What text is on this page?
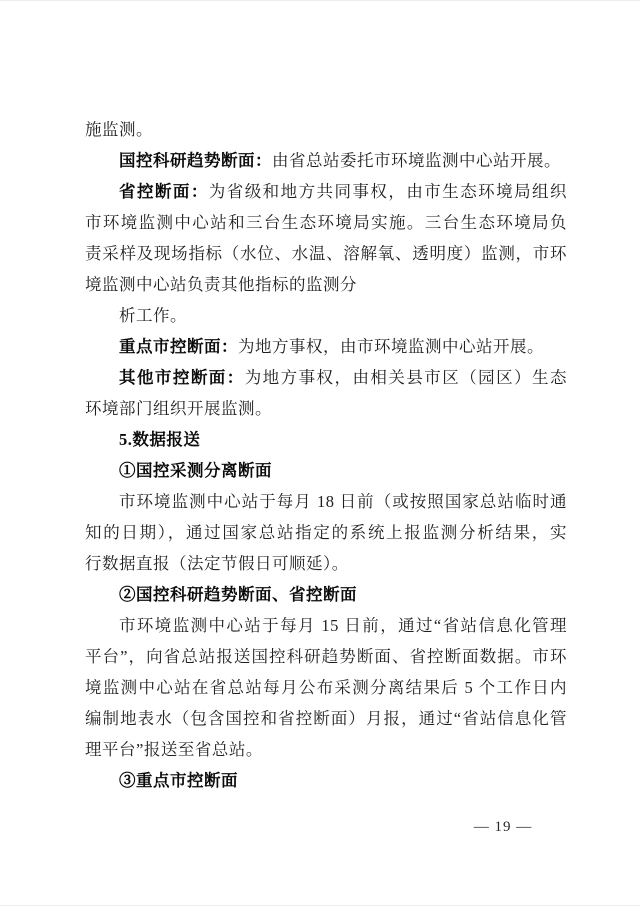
施监测。

国控科研趋势断面：由省总站委托市环境监测中心站开展。

省控断面：为省级和地方共同事权，由市生态环境局组织

市环境监测中心站和三台生态环境局实施。三台生态环境局负

责采样及现场指标（水位、水温、溶解氧、透明度）监测，市环

境监测中心站负责其他指标的监测分

析工作。

重点市控断面：为地方事权，由市环境监测中心站开展。

其他市控断面：为地方事权，由相关县市区（园区）生态

环境部门组织开展监测。

5.数据报送

①国控采测分离断面

市环境监测中心站于每月 18 日前（或按照国家总站临时通

知的日期），通过国家总站指定的系统上报监测分析结果，实

行数据直报（法定节假日可顺延）。

②国控科研趋势断面、省控断面

市环境监测中心站于每月 15 日前，通过“省站信息化管理

平台”，向省总站报送国控科研趋势断面、省控断面数据。市环

境监测中心站在省总站每月公布采测分离结果后 5 个工作日内

编制地表水（包含国控和省控断面）月报，通过“省站信息化管

理平台”报送至省总站。

③重点市控断面

— 19 —
